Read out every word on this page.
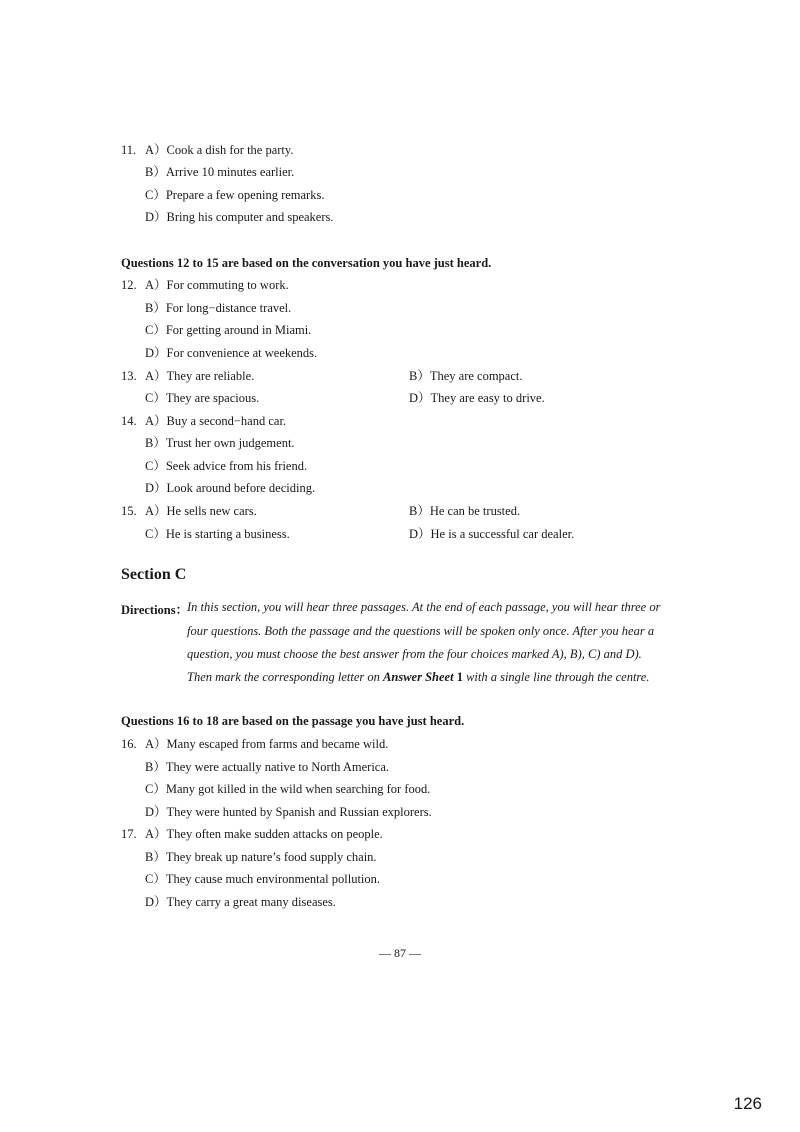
11. A）Cook a dish for the party.
B）Arrive 10 minutes earlier.
C）Prepare a few opening remarks.
D）Bring his computer and speakers.
Questions 12 to 15 are based on the conversation you have just heard.
12. A）For commuting to work.
B）For long−distance travel.
C）For getting around in Miami.
D）For convenience at weekends.
13. A）They are reliable.	B）They are compact.
C）They are spacious.	D）They are easy to drive.
14. A）Buy a second−hand car.
B）Trust her own judgement.
C）Seek advice from his friend.
D）Look around before deciding.
15. A）He sells new cars.	B）He can be trusted.
C）He is starting a business.	D）He is a successful car dealer.
Section C
Directions：
In this section, you will hear three passages. At the end of each passage, you will hear three or
four questions. Both the passage and the questions will be spoken only once. After you hear a
question, you must choose the best answer from the four choices marked A), B), C) and D).
Then mark the corresponding letter on Answer Sheet 1 with a single line through the centre.
Questions 16 to 18 are based on the passage you have just heard.
16. A）Many escaped from farms and became wild.
B）They were actually native to North America.
C）Many got killed in the wild when searching for food.
D）They were hunted by Spanish and Russian explorers.
17. A）They often make sudden attacks on people.
B）They break up nature’s food supply chain.
C）They cause much environmental pollution.
D）They carry a great many diseases.
— 87 —
126
